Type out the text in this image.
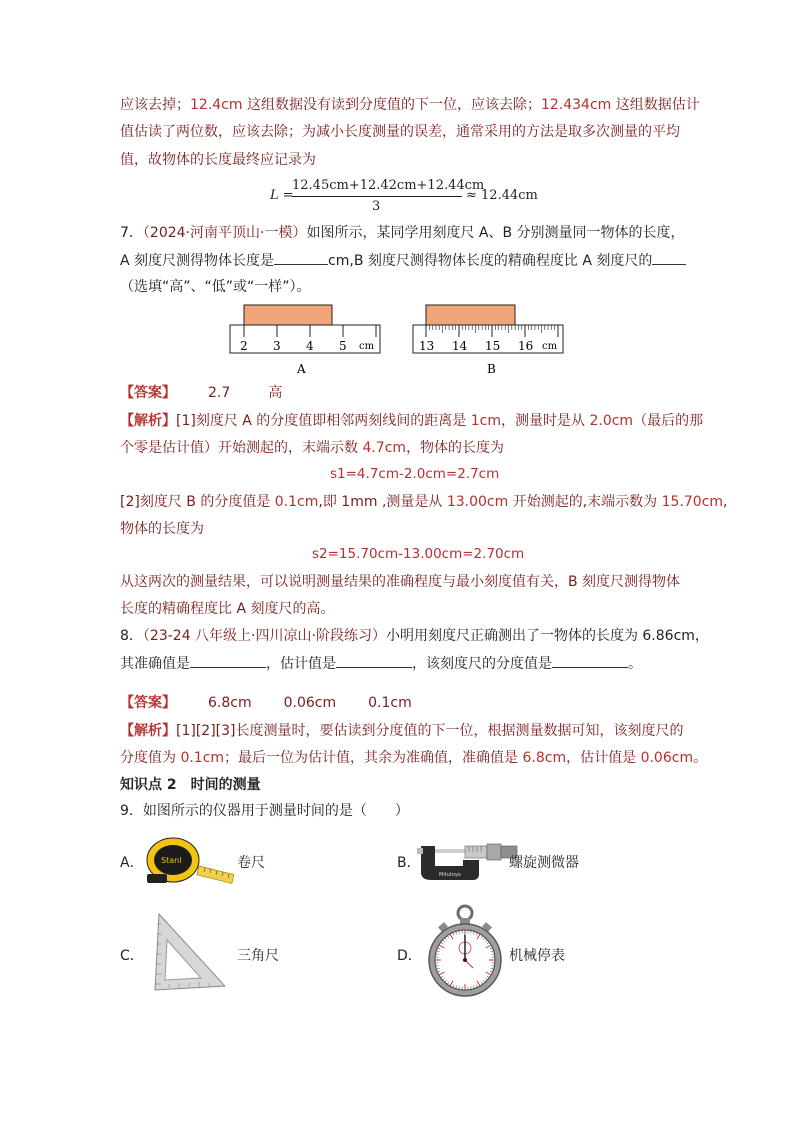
应该去掉；12.4cm 这组数据没有读到分度值的下一位，应该去除；12.434cm 这组数据估计
值估读了两位数，应该去除；为减小长度测量的误差，通常采用的方法是取多次测量的平均
值，故物体的长度最终应记录为
L =
12.45cm+12.42cm+12.44cm
3
≈ 12.44cm
7．（2024·河南平顶山·一模）如图所示，某同学用刻度尺 A、B 分别测量同一物体的长度，
A 刻度尺测得物体长度是	cm,B 刻度尺测得物体长度的精确程度比 A 刻度尺的
（选填“高”、“低”或“一样”）。
2 3 4 5 cm
A
13 14 15 16 cm
B
【答案】 2.7	高
【解析】[1]刻度尺 A 的分度值即相邻两刻线间的距离是 1cm，测量时是从 2.0cm（最后的那
个零是估计值）开始测起的，末端示数 4.7cm，物体的长度为
s1=4.7cm-2.0cm=2.7cm
[2]刻度尺 B 的分度值是 0.1cm,即 1mm ,测量是从 13.00cm 开始测起的,末端示数为 15.70cm,
物体的长度为
s2=15.70cm-13.00cm=2.70cm
从这两次的测量结果，可以说明测量结果的准确程度与最小刻度值有关，B 刻度尺测得物体
长度的精确程度比 A 刻度尺的高。
8．（23-24 八年级上·四川凉山·阶段练习）小明用刻度尺正确测出了一物体的长度为 6.86cm，
其准确值是	，估计值是	，该刻度尺的分度值是	。
【答案】 6.8cm 0.06cm 0.1cm
【解析】[1][2][3]长度测量时，要估读到分度值的下一位，根据测量数据可知，该刻度尺的
分度值为 0.1cm；最后一位为估计值，其余为准确值，准确值是 6.8cm，估计值是 0.06cm。
知识点 2　时间的测量
9．如图所示的仪器用于测量时间的是（　　）
A． Stanl	卷尺	B．
Mitutoyo
螺旋测微器
C．	三角尺	D．	机械停表
